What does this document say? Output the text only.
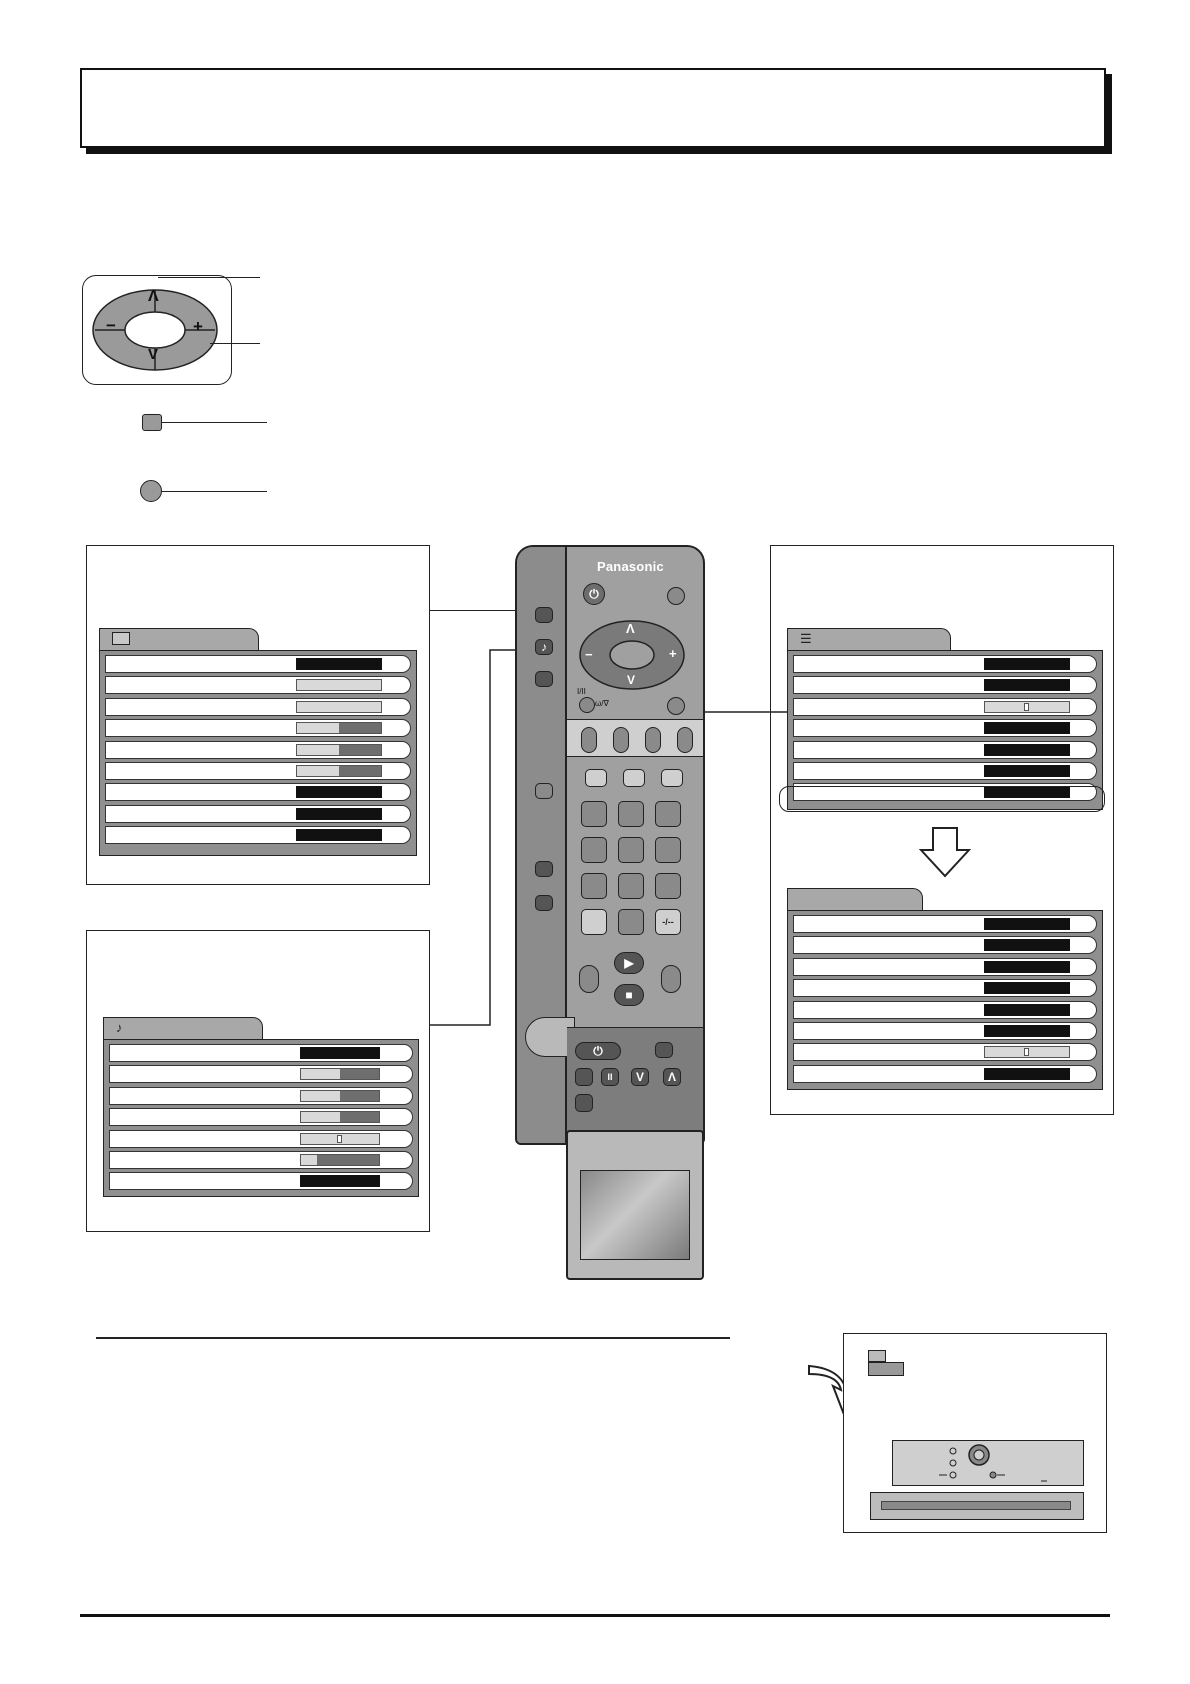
Λ
V
+
−
♪
☰
♪
Panasonic
⏻
Λ
V
−	+
I/II
ω/∇
-/--
▶
■
⏻
II	V	Λ
